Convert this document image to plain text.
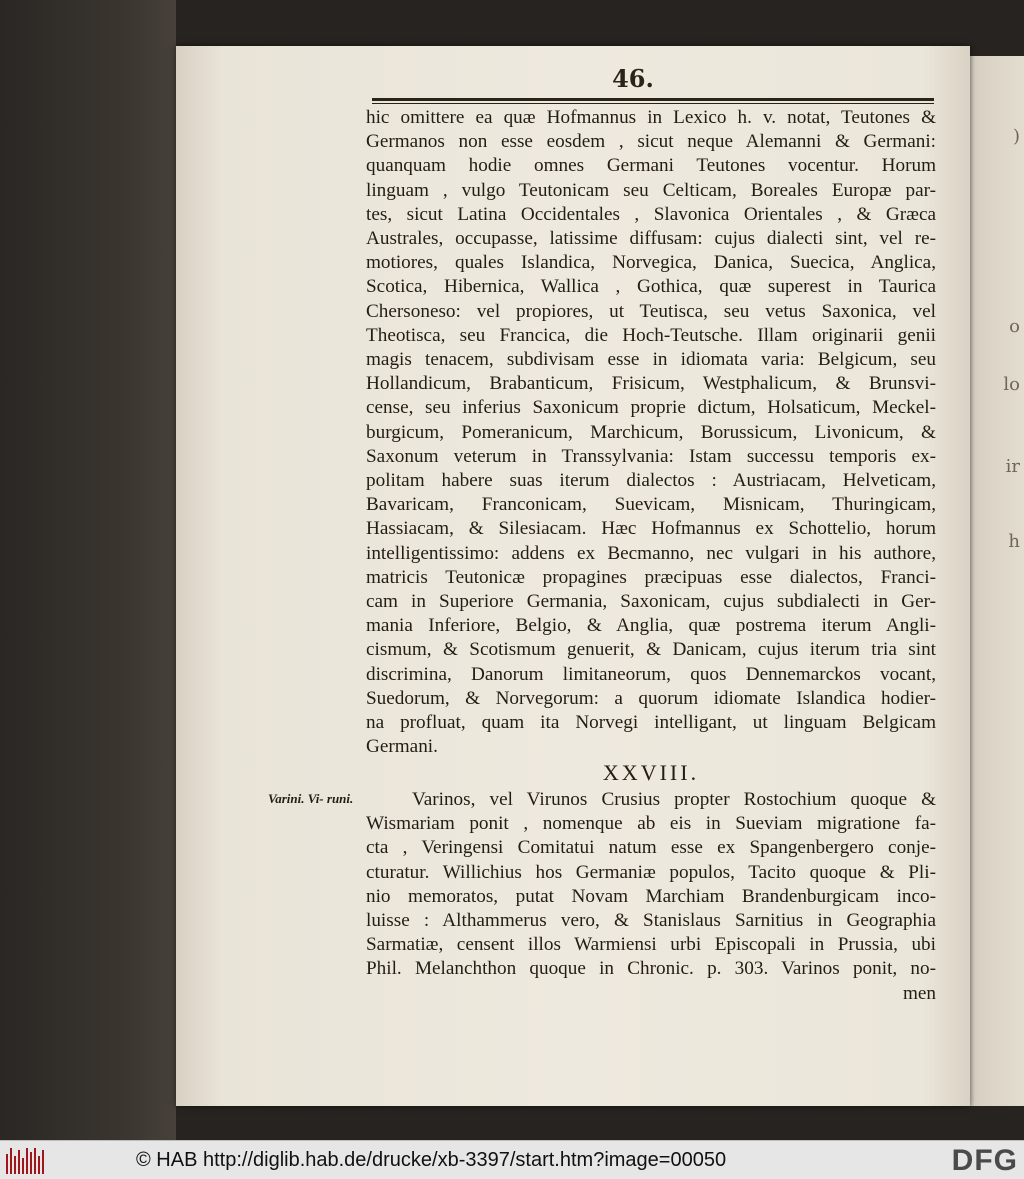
)
o
lo
ir
h
46.
hic omittere ea quæ Hofmannus in Lexico h. v. notat, Teutones &
Germanos non esse eosdem , sicut neque Alemanni & Germani:
quanquam hodie omnes Germani Teutones vocentur. Horum
linguam , vulgo Teutonicam seu Celticam, Boreales Europæ par-
tes, sicut Latina Occidentales , Slavonica Orientales , & Græca
Australes, occupasse, latissime diffusam: cujus dialecti sint, vel re-
motiores, quales Islandica, Norvegica, Danica, Suecica, Anglica,
Scotica, Hibernica, Wallica , Gothica, quæ superest in Taurica
Chersoneso: vel propiores, ut Teutisca, seu vetus Saxonica, vel
Theotisca, seu Francica, die Hoch-Teutsche. Illam originarii genii
magis tenacem, subdivisam esse in idiomata varia: Belgicum, seu
Hollandicum, Brabanticum, Frisicum, Westphalicum, & Brunsvi-
cense, seu inferius Saxonicum proprie dictum, Holsaticum, Meckel-
burgicum, Pomeranicum, Marchicum, Borussicum, Livonicum, &
Saxonum veterum in Transsylvania: Istam successu temporis ex-
politam habere suas iterum dialectos : Austriacam, Helveticam,
Bavaricam, Franconicam, Suevicam, Misnicam, Thuringicam,
Hassiacam, & Silesiacam. Hæc Hofmannus ex Schottelio, horum
intelligentissimo: addens ex Becmanno, nec vulgari in his authore,
matricis Teutonicæ propagines præcipuas esse dialectos, Franci-
cam in Superiore Germania, Saxonicam, cujus subdialecti in Ger-
mania Inferiore, Belgio, & Anglia, quæ postrema iterum Angli-
cismum, & Scotismum genuerit, & Danicam, cujus iterum tria sint
discrimina, Danorum limitaneorum, quos Dennemarckos vocant,
Suedorum, & Norvegorum: a quorum idiomate Islandica hodier-
na profluat, quam ita Norvegi intelligant, ut linguam Belgicam
Germani.
Varini. Vi- runi.
XXVIII.
Varinos, vel Virunos Crusius propter Rostochium quoque &
Wismariam ponit , nomenque ab eis in Sueviam migratione fa-
cta , Veringensi Comitatui natum esse ex Spangenbergero conje-
cturatur. Willichius hos Germaniæ populos, Tacito quoque & Pli-
nio memoratos, putat Novam Marchiam Brandenburgicam inco-
luisse : Althammerus vero, & Stanislaus Sarnitius in Geographia
Sarmatiæ, censent illos Warmiensi urbi Episcopali in Prussia, ubi
Phil. Melanchthon quoque in Chronic. p. 303. Varinos ponit, no-
men
© HAB http://diglib.hab.de/drucke/xb-3397/start.htm?image=00050	DFG
